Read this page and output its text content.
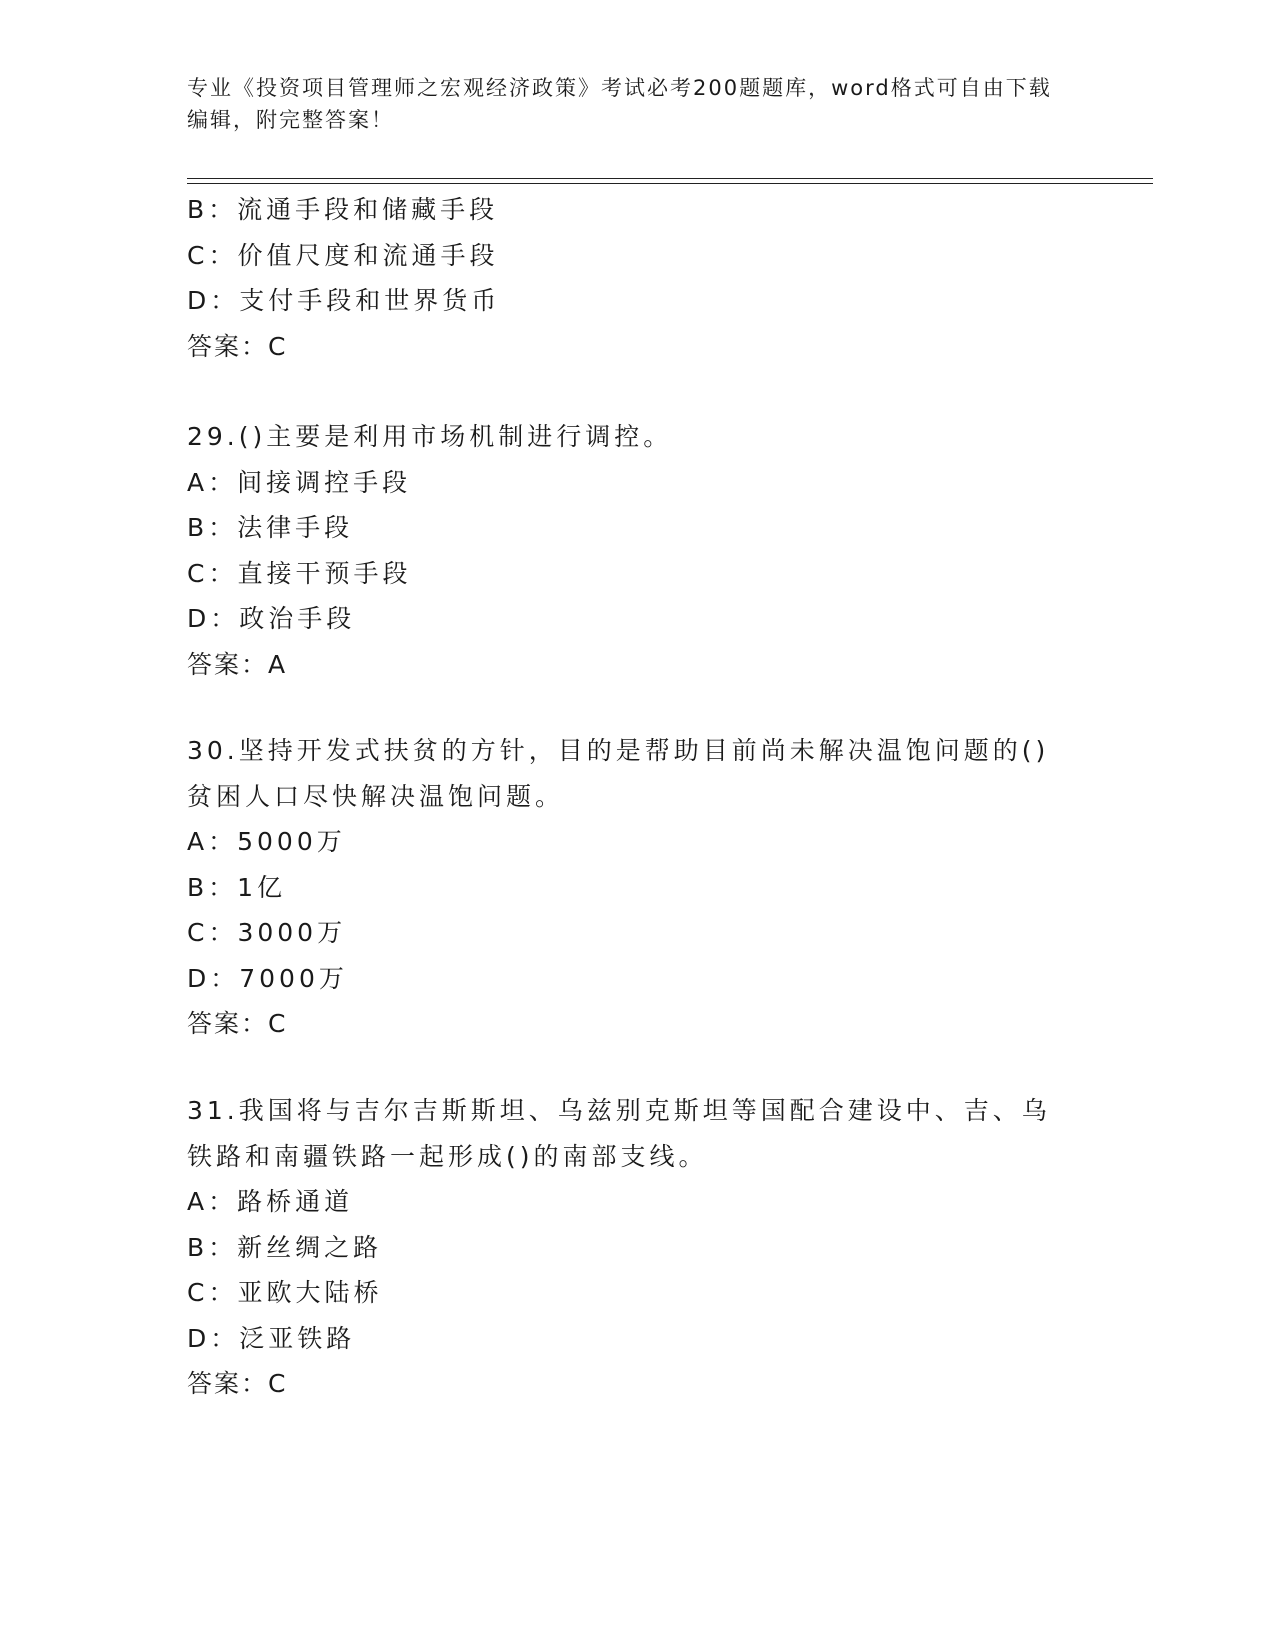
专业《投资项目管理师之宏观经济政策》考试必考200题题库，word格式可自由下载编辑，附完整答案！
B：流通手段和储藏手段
C：价值尺度和流通手段
D：支付手段和世界货币
答案：C
29.()主要是利用市场机制进行调控。
A：间接调控手段
B：法律手段
C：直接干预手段
D：政治手段
答案：A
30.坚持开发式扶贫的方针，目的是帮助目前尚未解决温饱问题的()贫困人口尽快解决温饱问题。
A：5000万
B：1亿
C：3000万
D：7000万
答案：C
31.我国将与吉尔吉斯斯坦、乌兹别克斯坦等国配合建设中、吉、乌铁路和南疆铁路一起形成()的南部支线。
A：路桥通道
B：新丝绸之路
C：亚欧大陆桥
D：泛亚铁路
答案：C
